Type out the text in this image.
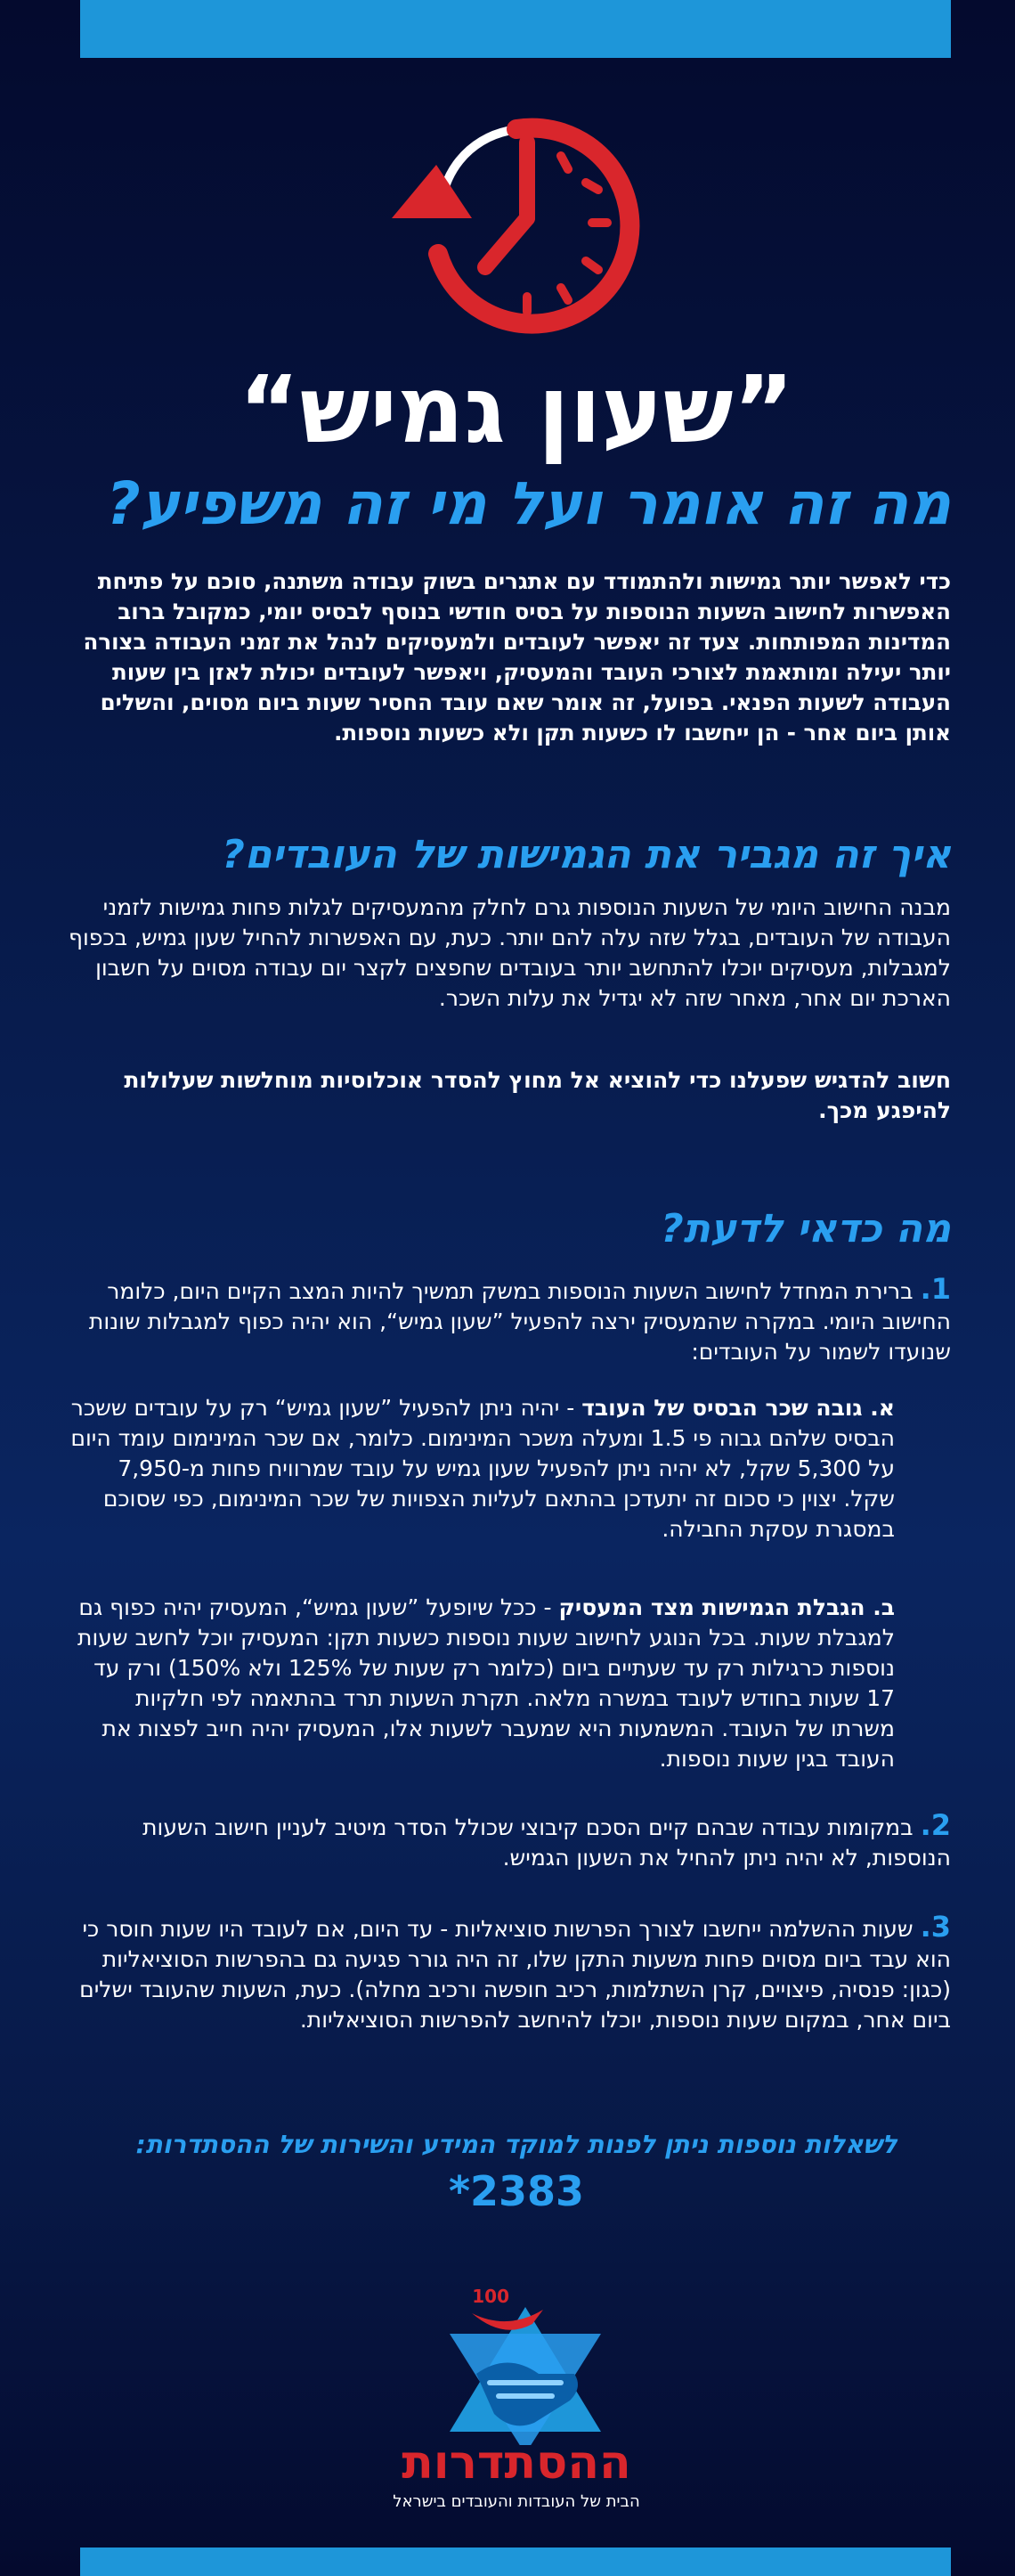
”שעון גמיש“
מה זה אומר ועל מי זה משפיע?
כדי לאפשר יותר גמישות ולהתמודד עם אתגרים בשוק עבודה משתנה, סוכם על פתיחת האפשרות לחישוב השעות הנוספות על בסיס חודשי בנוסף לבסיס יומי, כמקובל ברוב המדינות המפותחות. צעד זה יאפשר לעובדים ולמעסיקים לנהל את זמני העבודה בצורה יותר יעילה ומותאמת לצורכי העובד והמעסיק, ויאפשר לעובדים יכולת לאזן בין שעות העבודה לשעות הפנאי. בפועל, זה אומר שאם עובד החסיר שעות ביום מסוים, והשלים אותן ביום אחר - הן ייחשבו לו כשעות תקן ולא כשעות נוספות.
איך זה מגביר את הגמישות של העובדים?
מבנה החישוב היומי של השעות הנוספות גרם לחלק מהמעסיקים לגלות פחות גמישות לזמני העבודה של העובדים, בגלל שזה עלה להם יותר. כעת, עם האפשרות להחיל שעון גמיש, בכפוף למגבלות, מעסיקים יוכלו להתחשב יותר בעובדים שחפצים לקצר יום עבודה מסוים על חשבון הארכת יום אחר, מאחר שזה לא יגדיל את עלות השכר.
חשוב להדגיש שפעלנו כדי להוציא אל מחוץ להסדר אוכלוסיות מוחלשות שעלולות להיפגע מכך.
מה כדאי לדעת?
1. ברירת המחדל לחישוב השעות הנוספות במשק תמשיך להיות המצב הקיים היום, כלומר החישוב היומי. במקרה שהמעסיק ירצה להפעיל ”שעון גמיש“, הוא יהיה כפוף למגבלות שונות שנועדו לשמור על העובדים:
א. גובה שכר הבסיס של העובד - יהיה ניתן להפעיל ”שעון גמיש“ רק על עובדים ששכר הבסיס שלהם גבוה פי 1.5 ומעלה משכר המינימום. כלומר, אם שכר המינימום עומד היום על 5,300 שקל, לא יהיה ניתן להפעיל שעון גמיש על עובד שמרוויח פחות מ-7,950 שקל. יצוין כי סכום זה יתעדכן בהתאם לעליות הצפויות של שכר המינימום, כפי שסוכם במסגרת עסקת החבילה.
ב. הגבלת הגמישות מצד המעסיק - ככל שיופעל ”שעון גמיש“, המעסיק יהיה כפוף גם למגבלת שעות. בכל הנוגע לחישוב שעות נוספות כשעות תקן: המעסיק יוכל לחשב שעות נוספות כרגילות רק עד שעתיים ביום (כלומר רק שעות של 125% ולא 150%) ורק עד 17 שעות בחודש לעובד במשרה מלאה. תקרת השעות תרד בהתאמה לפי חלקיות משרתו של העובד. המשמעות היא שמעבר לשעות אלו, המעסיק יהיה חייב לפצות את העובד בגין שעות נוספות.
2. במקומות עבודה שבהם קיים הסכם קיבוצי שכולל הסדר מיטיב לעניין חישוב השעות הנוספות, לא יהיה ניתן להחיל את השעון הגמיש.
3. שעות ההשלמה ייחשבו לצורך הפרשות סוציאליות - עד היום, אם לעובד היו שעות חוסר כי הוא עבד ביום מסוים פחות משעות התקן שלו, זה היה גורר פגיעה גם בהפרשות הסוציאליות (כגון: פנסיה, פיצויים, קרן השתלמות, רכיב חופשה ורכיב מחלה). כעת, השעות שהעובד ישלים ביום אחר, במקום שעות נוספות, יוכלו להיחשב להפרשות הסוציאליות.
לשאלות נוספות ניתן לפנות למוקד המידע והשירות של ההסתדרות:
*2383
100
ההסתדרות
הבית של העובדות והעובדים בישראל
